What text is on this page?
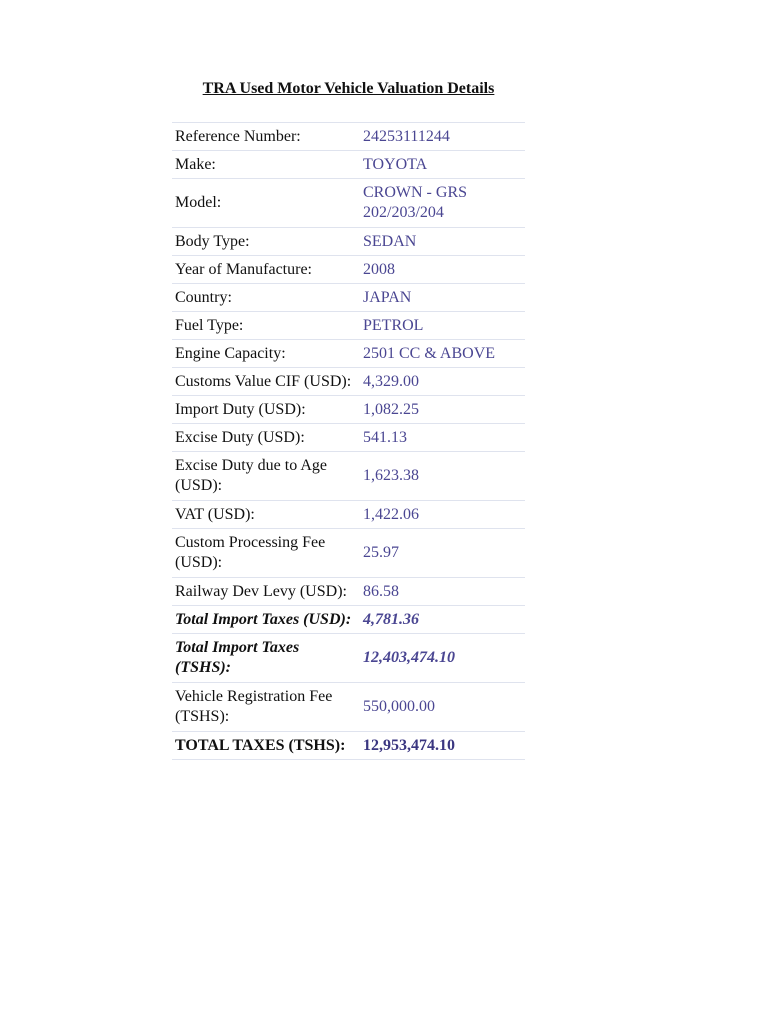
TRA Used Motor Vehicle Valuation Details
Reference Number:	24253111244
Make:	TOYOTA
Model:	CROWN - GRS 202/203/204
Body Type:	SEDAN
Year of Manufacture:	2008
Country:	JAPAN
Fuel Type:	PETROL
Engine Capacity:	2501 CC & ABOVE
Customs Value CIF (USD):	4,329.00
Import Duty (USD):	1,082.25
Excise Duty (USD):	541.13
Excise Duty due to Age (USD):	1,623.38
VAT (USD):	1,422.06
Custom Processing Fee (USD):	25.97
Railway Dev Levy (USD):	86.58
Total Import Taxes (USD):	4,781.36
Total Import Taxes (TSHS):	12,403,474.10
Vehicle Registration Fee (TSHS):	550,000.00
TOTAL TAXES (TSHS):	12,953,474.10
